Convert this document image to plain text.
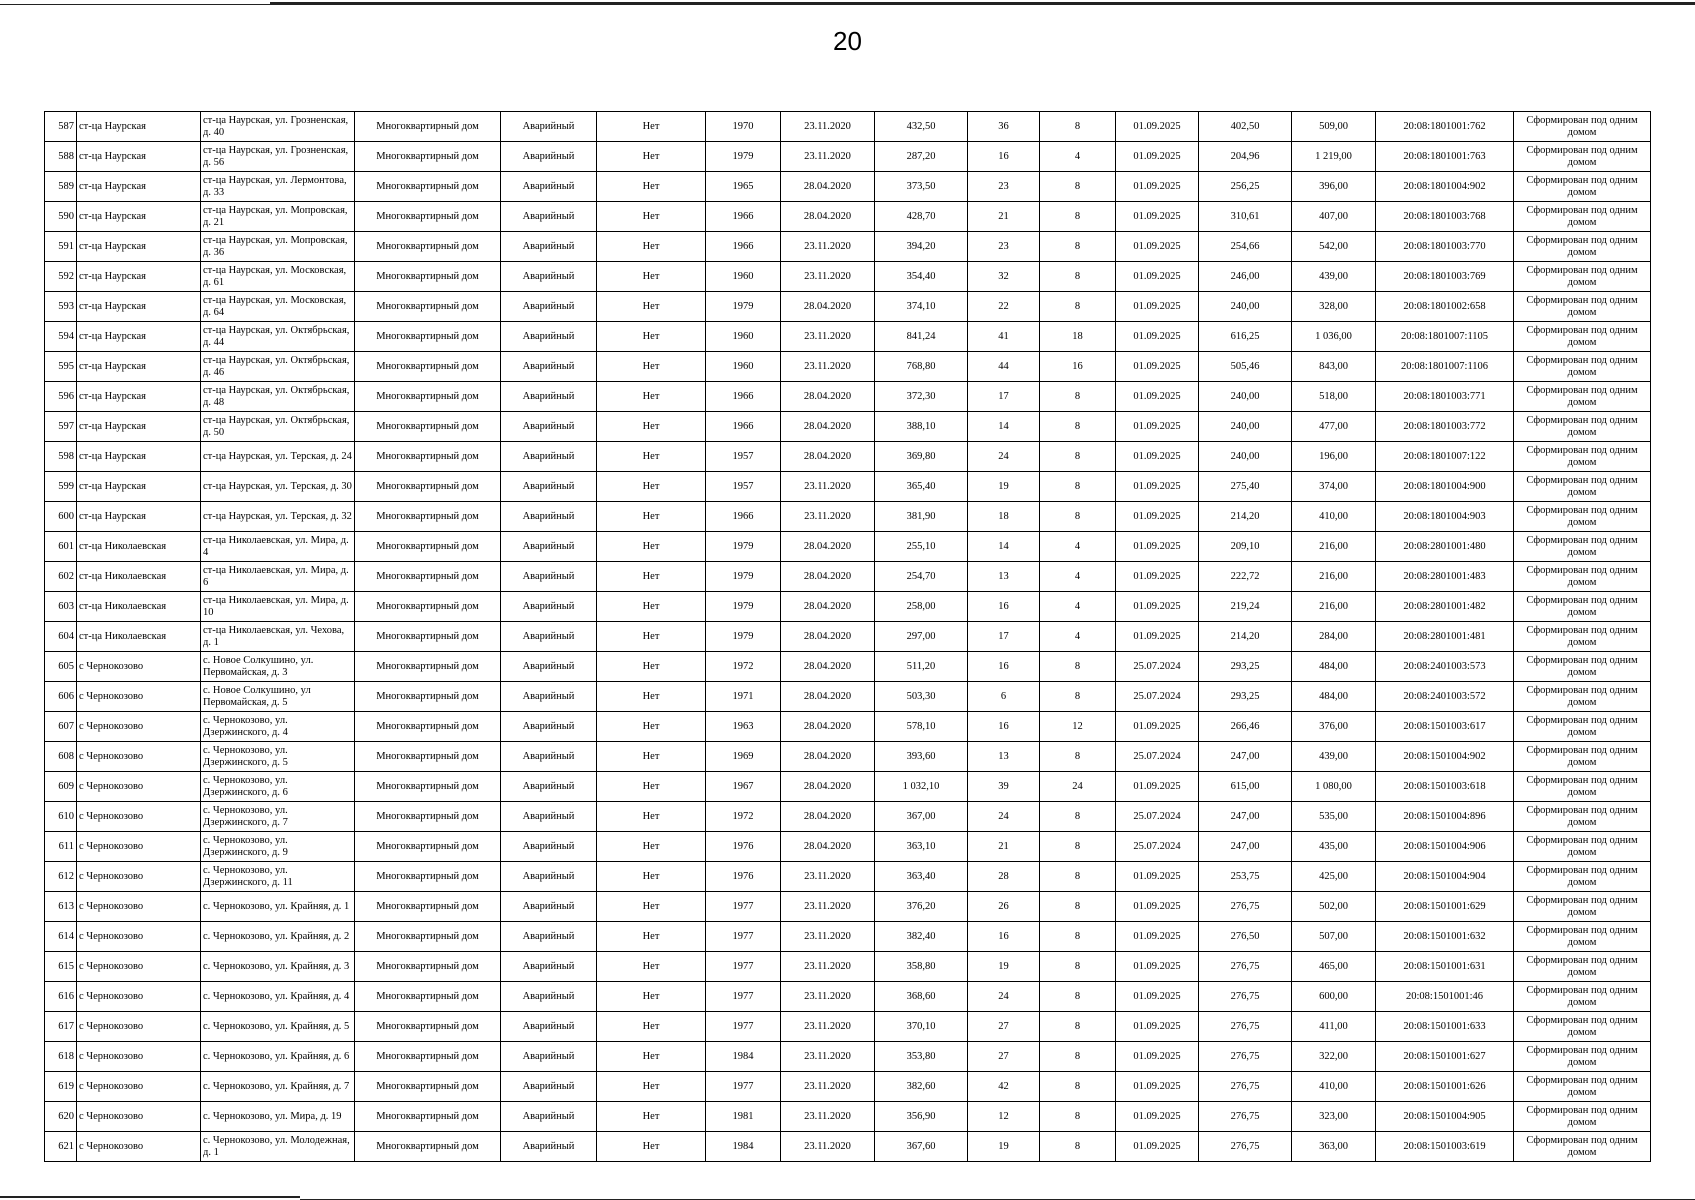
20
587	ст-ца Наурская	ст-ца Наурская, ул. Грозненская, д. 40	Многоквартирный дом	Аварийный	Нет	1970	23.11.2020	432,50	36	8	01.09.2025	402,50	509,00	20:08:1801001:762	Сформирован под одним домом
588	ст-ца Наурская	ст-ца Наурская, ул. Грозненская, д. 56	Многоквартирный дом	Аварийный	Нет	1979	23.11.2020	287,20	16	4	01.09.2025	204,96	1 219,00	20:08:1801001:763	Сформирован под одним домом
589	ст-ца Наурская	ст-ца Наурская, ул. Лермонтова, д. 33	Многоквартирный дом	Аварийный	Нет	1965	28.04.2020	373,50	23	8	01.09.2025	256,25	396,00	20:08:1801004:902	Сформирован под одним домом
590	ст-ца Наурская	ст-ца Наурская, ул. Мопровская, д. 21	Многоквартирный дом	Аварийный	Нет	1966	28.04.2020	428,70	21	8	01.09.2025	310,61	407,00	20:08:1801003:768	Сформирован под одним домом
591	ст-ца Наурская	ст-ца Наурская, ул. Мопровская, д. 36	Многоквартирный дом	Аварийный	Нет	1966	23.11.2020	394,20	23	8	01.09.2025	254,66	542,00	20:08:1801003:770	Сформирован под одним домом
592	ст-ца Наурская	ст-ца Наурская, ул. Московская, д. 61	Многоквартирный дом	Аварийный	Нет	1960	23.11.2020	354,40	32	8	01.09.2025	246,00	439,00	20:08:1801003:769	Сформирован под одним домом
593	ст-ца Наурская	ст-ца Наурская, ул. Московская, д. 64	Многоквартирный дом	Аварийный	Нет	1979	28.04.2020	374,10	22	8	01.09.2025	240,00	328,00	20:08:1801002:658	Сформирован под одним домом
594	ст-ца Наурская	ст-ца Наурская, ул. Октябрьская, д. 44	Многоквартирный дом	Аварийный	Нет	1960	23.11.2020	841,24	41	18	01.09.2025	616,25	1 036,00	20:08:1801007:1105	Сформирован под одним домом
595	ст-ца Наурская	ст-ца Наурская, ул. Октябрьская, д. 46	Многоквартирный дом	Аварийный	Нет	1960	23.11.2020	768,80	44	16	01.09.2025	505,46	843,00	20:08:1801007:1106	Сформирован под одним домом
596	ст-ца Наурская	ст-ца Наурская, ул. Октябрьская, д. 48	Многоквартирный дом	Аварийный	Нет	1966	28.04.2020	372,30	17	8	01.09.2025	240,00	518,00	20:08:1801003:771	Сформирован под одним домом
597	ст-ца Наурская	ст-ца Наурская, ул. Октябрьская, д. 50	Многоквартирный дом	Аварийный	Нет	1966	28.04.2020	388,10	14	8	01.09.2025	240,00	477,00	20:08:1801003:772	Сформирован под одним домом
598	ст-ца Наурская	ст-ца Наурская, ул. Терская, д. 24	Многоквартирный дом	Аварийный	Нет	1957	28.04.2020	369,80	24	8	01.09.2025	240,00	196,00	20:08:1801007:122	Сформирован под одним домом
599	ст-ца Наурская	ст-ца Наурская, ул. Терская, д. 30	Многоквартирный дом	Аварийный	Нет	1957	23.11.2020	365,40	19	8	01.09.2025	275,40	374,00	20:08:1801004:900	Сформирован под одним домом
600	ст-ца Наурская	ст-ца Наурская, ул. Терская, д. 32	Многоквартирный дом	Аварийный	Нет	1966	23.11.2020	381,90	18	8	01.09.2025	214,20	410,00	20:08:1801004:903	Сформирован под одним домом
601	ст-ца Николаевская	ст-ца Николаевская, ул. Мира, д. 4	Многоквартирный дом	Аварийный	Нет	1979	28.04.2020	255,10	14	4	01.09.2025	209,10	216,00	20:08:2801001:480	Сформирован под одним домом
602	ст-ца Николаевская	ст-ца Николаевская, ул. Мира, д. 6	Многоквартирный дом	Аварийный	Нет	1979	28.04.2020	254,70	13	4	01.09.2025	222,72	216,00	20:08:2801001:483	Сформирован под одним домом
603	ст-ца Николаевская	ст-ца Николаевская, ул. Мира, д. 10	Многоквартирный дом	Аварийный	Нет	1979	28.04.2020	258,00	16	4	01.09.2025	219,24	216,00	20:08:2801001:482	Сформирован под одним домом
604	ст-ца Николаевская	ст-ца Николаевская, ул. Чехова, д. 1	Многоквартирный дом	Аварийный	Нет	1979	28.04.2020	297,00	17	4	01.09.2025	214,20	284,00	20:08:2801001:481	Сформирован под одним домом
605	с Чернокозово	с. Новое Солкушино, ул. Первомайская, д. 3	Многоквартирный дом	Аварийный	Нет	1972	28.04.2020	511,20	16	8	25.07.2024	293,25	484,00	20:08:2401003:573	Сформирован под одним домом
606	с Чернокозово	с. Новое Солкушино, ул Первомайская, д. 5	Многоквартирный дом	Аварийный	Нет	1971	28.04.2020	503,30	6	8	25.07.2024	293,25	484,00	20:08:2401003:572	Сформирован под одним домом
607	с Чернокозово	с. Чернокозово, ул. Дзержинского, д. 4	Многоквартирный дом	Аварийный	Нет	1963	28.04.2020	578,10	16	12	01.09.2025	266,46	376,00	20:08:1501003:617	Сформирован под одним домом
608	с Чернокозово	с. Чернокозово, ул. Дзержинского, д. 5	Многоквартирный дом	Аварийный	Нет	1969	28.04.2020	393,60	13	8	25.07.2024	247,00	439,00	20:08:1501004:902	Сформирован под одним домом
609	с Чернокозово	с. Чернокозово, ул. Дзержинского, д. 6	Многоквартирный дом	Аварийный	Нет	1967	28.04.2020	1 032,10	39	24	01.09.2025	615,00	1 080,00	20:08:1501003:618	Сформирован под одним домом
610	с Чернокозово	с. Чернокозово, ул. Дзержинского, д. 7	Многоквартирный дом	Аварийный	Нет	1972	28.04.2020	367,00	24	8	25.07.2024	247,00	535,00	20:08:1501004:896	Сформирован под одним домом
611	с Чернокозово	с. Чернокозово, ул. Дзержинского, д. 9	Многоквартирный дом	Аварийный	Нет	1976	28.04.2020	363,10	21	8	25.07.2024	247,00	435,00	20:08:1501004:906	Сформирован под одним домом
612	с Чернокозово	с. Чернокозово, ул. Дзержинского, д. 11	Многоквартирный дом	Аварийный	Нет	1976	23.11.2020	363,40	28	8	01.09.2025	253,75	425,00	20:08:1501004:904	Сформирован под одним домом
613	с Чернокозово	с. Чернокозово, ул. Крайняя, д. 1	Многоквартирный дом	Аварийный	Нет	1977	23.11.2020	376,20	26	8	01.09.2025	276,75	502,00	20:08:1501001:629	Сформирован под одним домом
614	с Чернокозово	с. Чернокозово, ул. Крайняя, д. 2	Многоквартирный дом	Аварийный	Нет	1977	23.11.2020	382,40	16	8	01.09.2025	276,50	507,00	20:08:1501001:632	Сформирован под одним домом
615	с Чернокозово	с. Чернокозово, ул. Крайняя, д. 3	Многоквартирный дом	Аварийный	Нет	1977	23.11.2020	358,80	19	8	01.09.2025	276,75	465,00	20:08:1501001:631	Сформирован под одним домом
616	с Чернокозово	с. Чернокозово, ул. Крайняя, д. 4	Многоквартирный дом	Аварийный	Нет	1977	23.11.2020	368,60	24	8	01.09.2025	276,75	600,00	20:08:1501001:46	Сформирован под одним домом
617	с Чернокозово	с. Чернокозово, ул. Крайняя, д. 5	Многоквартирный дом	Аварийный	Нет	1977	23.11.2020	370,10	27	8	01.09.2025	276,75	411,00	20:08:1501001:633	Сформирован под одним домом
618	с Чернокозово	с. Чернокозово, ул. Крайняя, д. 6	Многоквартирный дом	Аварийный	Нет	1984	23.11.2020	353,80	27	8	01.09.2025	276,75	322,00	20:08:1501001:627	Сформирован под одним домом
619	с Чернокозово	с. Чернокозово, ул. Крайняя, д. 7	Многоквартирный дом	Аварийный	Нет	1977	23.11.2020	382,60	42	8	01.09.2025	276,75	410,00	20:08:1501001:626	Сформирован под одним домом
620	с Чернокозово	с. Чернокозово, ул. Мира, д. 19	Многоквартирный дом	Аварийный	Нет	1981	23.11.2020	356,90	12	8	01.09.2025	276,75	323,00	20:08:1501004:905	Сформирован под одним домом
621	с Чернокозово	с. Чернокозово, ул. Молодежная, д. 1	Многоквартирный дом	Аварийный	Нет	1984	23.11.2020	367,60	19	8	01.09.2025	276,75	363,00	20:08:1501003:619	Сформирован под одним домом
